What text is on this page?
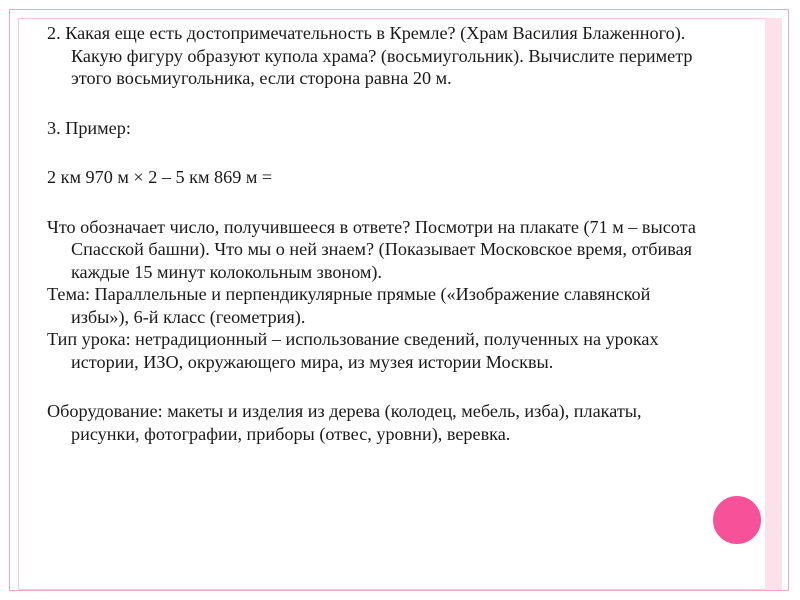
2. Какая еще есть достопримечательность в Кремле? (Храм Василия Блаженного). Какую фигуру образуют купола храма? (восьмиугольник). Вычислите периметр этого восьмиугольника, если сторона равна 20 м.

3. Пример:

2 км 970 м × 2 – 5 км 869 м =

Что обозначает число, получившееся в ответе? Посмотри на плакате (71 м – высота Спасской башни). Что мы о ней знаем? (Показывает Московское время, отбивая каждые 15 минут колокольным звоном).

Тема: Параллельные и перпендикулярные прямые («Изображение славянской избы»), 6-й класс (геометрия).

Тип урока: нетрадиционный – использование сведений, полученных на уроках истории, ИЗО, окружающего мира, из музея истории Москвы.

Оборудование: макеты и изделия из дерева (колодец, мебель, изба), плакаты, рисунки, фотографии, приборы (отвес, уровни), веревка.
